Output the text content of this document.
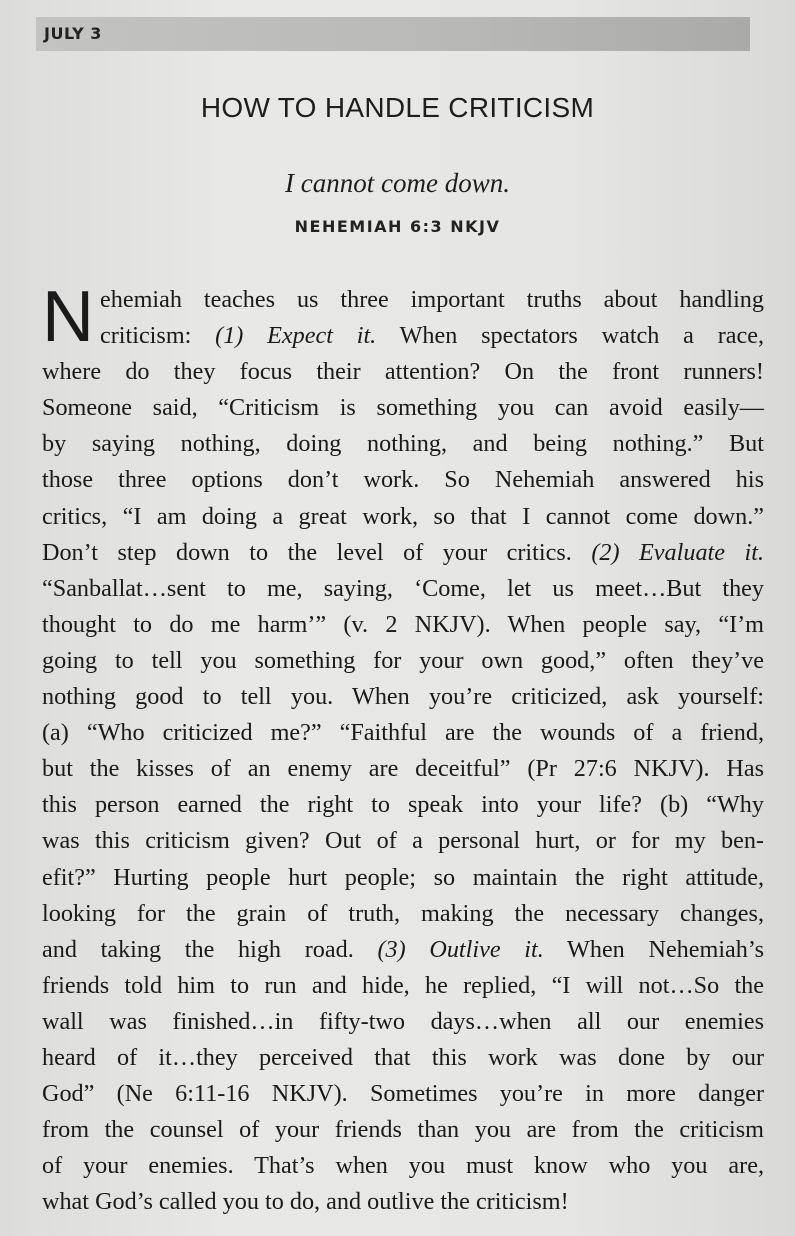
JULY 3
HOW TO HANDLE CRITICISM
I cannot come down.
NEHEMIAH 6:3 NKJV
N ehemiah teaches us three important truths about handling
criticism: (1) Expect it. When spectators watch a race,
where do they focus their attention? On the front runners!
Someone said, “Criticism is something you can avoid easily—
by saying nothing, doing nothing, and being nothing.” But
those three options don’t work. So Nehemiah answered his
critics, “I am doing a great work, so that I cannot come down.”
Don’t step down to the level of your critics. (2) Evaluate it.
“Sanballat…sent to me, saying, ‘Come, let us meet…But they
thought to do me harm’” (v. 2 NKJV). When people say, “I’m
going to tell you something for your own good,” often they’ve
nothing good to tell you. When you’re criticized, ask yourself:
(a) “Who criticized me?” “Faithful are the wounds of a friend,
but the kisses of an enemy are deceitful” (Pr 27:6 NKJV). Has
this person earned the right to speak into your life? (b) “Why
was this criticism given? Out of a personal hurt, or for my ben-
efit?” Hurting people hurt people; so maintain the right attitude,
looking for the grain of truth, making the necessary changes,
and taking the high road. (3) Outlive it. When Nehemiah’s
friends told him to run and hide, he replied, “I will not…So the
wall was finished…in fifty-two days…when all our enemies
heard of it…they perceived that this work was done by our
God” (Ne 6:11-16 NKJV). Sometimes you’re in more danger
from the counsel of your friends than you are from the criticism
of your enemies. That’s when you must know who you are,
what God’s called you to do, and outlive the criticism!
